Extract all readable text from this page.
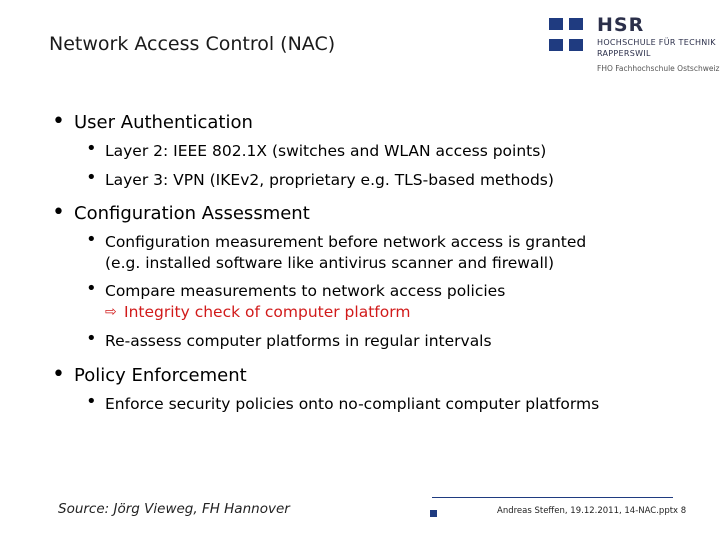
Network Access Control (NAC)
HSR
HOCHSCHULE FÜR TECHNIK
RAPPERSWIL
FHO Fachhochschule Ostschweiz
• User Authentication
• Layer 2: IEEE 802.1X (switches and WLAN access points)
• Layer 3: VPN (IKEv2, proprietary e.g. TLS-based methods)
• Configuration Assessment
• Configuration measurement before network access is granted
(e.g. installed software like antivirus scanner and firewall)
• Compare measurements to network access policies
⇨ Integrity check of computer platform
• Re-assess computer platforms in regular intervals
• Policy Enforcement
• Enforce security policies onto no-compliant computer platforms
Source: Jörg Vieweg, FH Hannover	Andreas Steffen, 19.12.2011, 14-NAC.pptx 8
